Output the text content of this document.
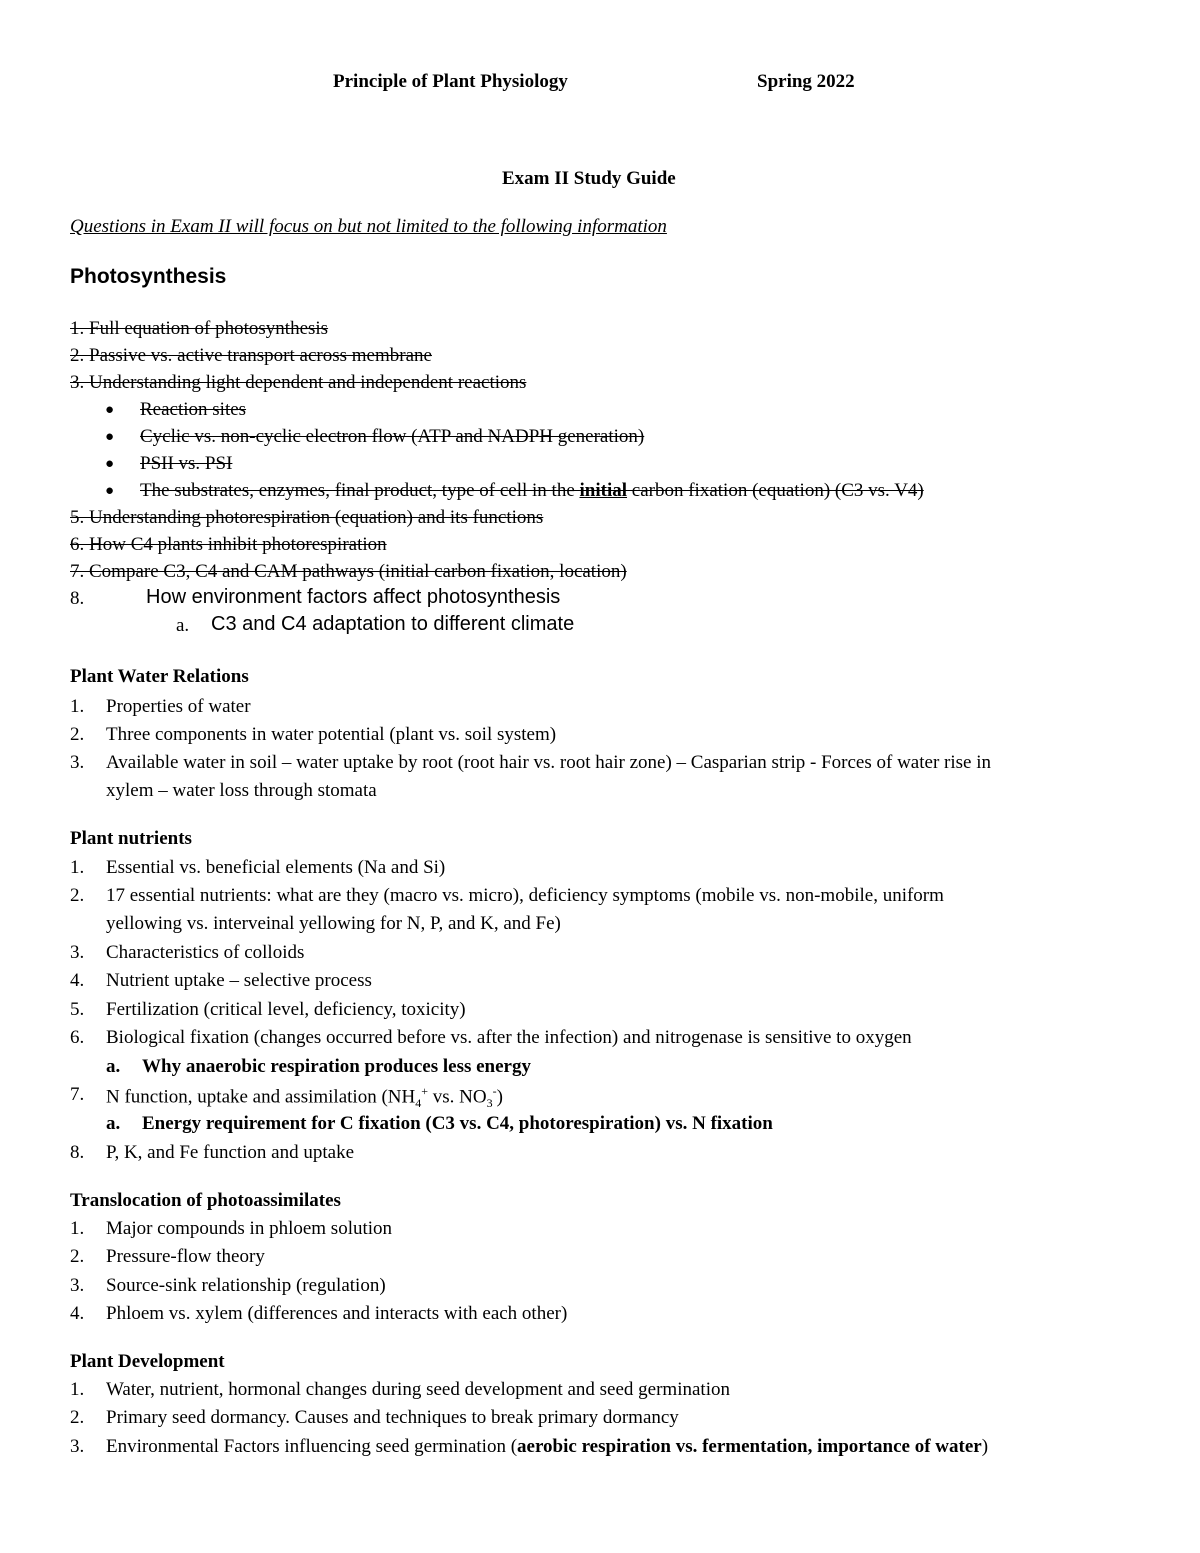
Principle of Plant Physiology	Spring 2022
Exam II Study Guide
Questions in Exam II will focus on but not limited to the following information
Photosynthesis
1. Full equation of photosynthesis
2. Passive vs. active transport across membrane
3. Understanding light dependent and independent reactions
● Reaction sites
● Cyclic vs. non-cyclic electron flow (ATP and NADPH generation)
● PSII vs. PSI
● The substrates, enzymes, final product, type of cell in the initial carbon fixation (equation) (C3 vs. V4)
5. Understanding photorespiration (equation) and its functions
6. How C4 plants inhibit photorespiration
7. Compare C3, C4 and CAM pathways (initial carbon fixation, location)
8.	How environment factors affect photosynthesis
a. C3 and C4 adaptation to different climate
Plant Water Relations
1. Properties of water
2. Three components in water potential (plant vs. soil system)
3. Available water in soil – water uptake by root (root hair vs. root hair zone) – Casparian strip - Forces of water rise in
xylem – water loss through stomata
Plant nutrients
1. Essential vs. beneficial elements (Na and Si)
2. 17 essential nutrients: what are they (macro vs. micro), deficiency symptoms (mobile vs. non-mobile, uniform
yellowing vs. interveinal yellowing for N, P, and K, and Fe)
3. Characteristics of colloids
4. Nutrient uptake – selective process
5. Fertilization (critical level, deficiency, toxicity)
6. Biological fixation (changes occurred before vs. after the infection) and nitrogenase is sensitive to oxygen
a. Why anaerobic respiration produces less energy
7. N function, uptake and assimilation ($NH_4^+$ vs. $NO_3^-$)
a. Energy requirement for C fixation (C3 vs. C4, photorespiration) vs. N fixation
8. P, K, and Fe function and uptake
Translocation of photoassimilates
1. Major compounds in phloem solution
2. Pressure-flow theory
3. Source-sink relationship (regulation)
4. Phloem vs. xylem (differences and interacts with each other)
Plant Development
1. Water, nutrient, hormonal changes during seed development and seed germination
2. Primary seed dormancy. Causes and techniques to break primary dormancy
3. Environmental Factors influencing seed germination (aerobic respiration vs. fermentation, importance of water)
